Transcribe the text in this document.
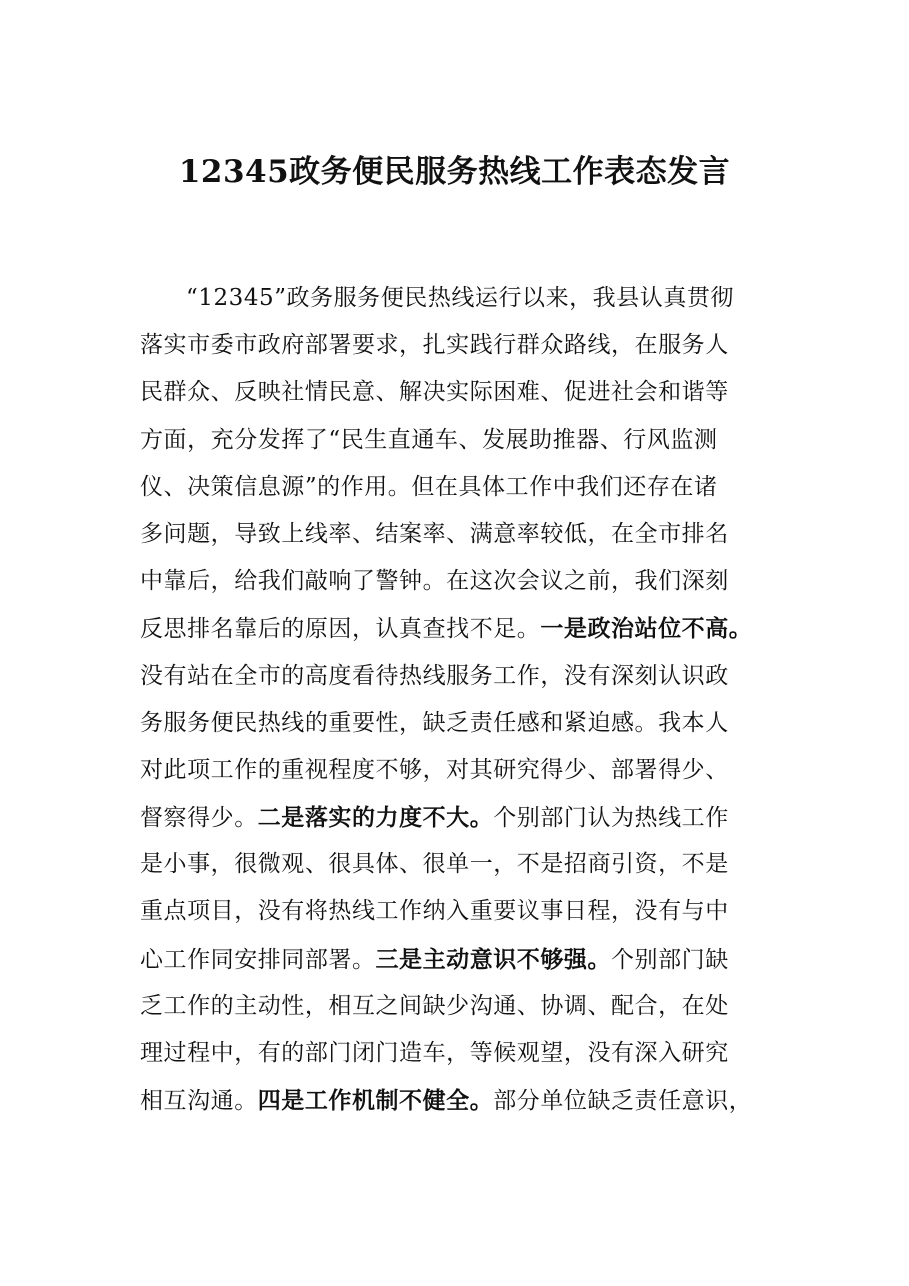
12345政务便民服务热线工作表态发言
“12345”政务服务便民热线运行以来，我县认真贯彻
落实市委市政府部署要求，扎实践行群众路线，在服务人
民群众、反映社情民意、解决实际困难、促进社会和谐等
方面，充分发挥了“民生直通车、发展助推器、行风监测
仪、决策信息源”的作用。但在具体工作中我们还存在诸
多问题，导致上线率、结案率、满意率较低，在全市排名
中靠后，给我们敲响了警钟。在这次会议之前，我们深刻
反思排名靠后的原因，认真查找不足。一是政治站位不高。
没有站在全市的高度看待热线服务工作，没有深刻认识政
务服务便民热线的重要性，缺乏责任感和紧迫感。我本人
对此项工作的重视程度不够，对其研究得少、部署得少、
督察得少。二是落实的力度不大。个别部门认为热线工作
是小事，很微观、很具体、很单一，不是招商引资，不是
重点项目，没有将热线工作纳入重要议事日程，没有与中
心工作同安排同部署。三是主动意识不够强。个别部门缺
乏工作的主动性，相互之间缺少沟通、协调、配合，在处
理过程中，有的部门闭门造车，等候观望，没有深入研究
相互沟通。四是工作机制不健全。部分单位缺乏责任意识，
